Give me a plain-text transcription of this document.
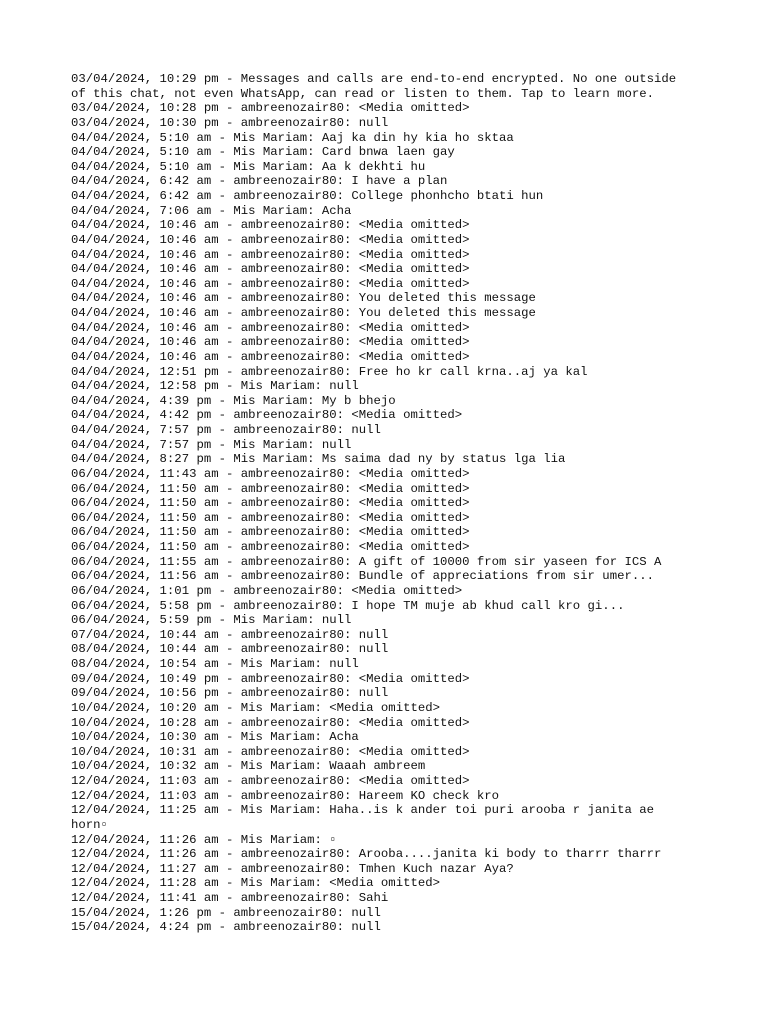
03/04/2024, 10:29 pm - Messages and calls are end-to-end encrypted. No one outside
of this chat, not even WhatsApp, can read or listen to them. Tap to learn more.
03/04/2024, 10:28 pm - ambreenozair80: <Media omitted>
03/04/2024, 10:30 pm - ambreenozair80: null
04/04/2024, 5:10 am - Mis Mariam: Aaj ka din hy kia ho sktaa
04/04/2024, 5:10 am - Mis Mariam: Card bnwa laen gay
04/04/2024, 5:10 am - Mis Mariam: Aa k dekhti hu
04/04/2024, 6:42 am - ambreenozair80: I have a plan
04/04/2024, 6:42 am - ambreenozair80: College phonhcho btati hun
04/04/2024, 7:06 am - Mis Mariam: Acha
04/04/2024, 10:46 am - ambreenozair80: <Media omitted>
04/04/2024, 10:46 am - ambreenozair80: <Media omitted>
04/04/2024, 10:46 am - ambreenozair80: <Media omitted>
04/04/2024, 10:46 am - ambreenozair80: <Media omitted>
04/04/2024, 10:46 am - ambreenozair80: <Media omitted>
04/04/2024, 10:46 am - ambreenozair80: You deleted this message
04/04/2024, 10:46 am - ambreenozair80: You deleted this message
04/04/2024, 10:46 am - ambreenozair80: <Media omitted>
04/04/2024, 10:46 am - ambreenozair80: <Media omitted>
04/04/2024, 10:46 am - ambreenozair80: <Media omitted>
04/04/2024, 12:51 pm - ambreenozair80: Free ho kr call krna..aj ya kal
04/04/2024, 12:58 pm - Mis Mariam: null
04/04/2024, 4:39 pm - Mis Mariam: My b bhejo
04/04/2024, 4:42 pm - ambreenozair80: <Media omitted>
04/04/2024, 7:57 pm - ambreenozair80: null
04/04/2024, 7:57 pm - Mis Mariam: null
04/04/2024, 8:27 pm - Mis Mariam: Ms saima dad ny by status lga lia
06/04/2024, 11:43 am - ambreenozair80: <Media omitted>
06/04/2024, 11:50 am - ambreenozair80: <Media omitted>
06/04/2024, 11:50 am - ambreenozair80: <Media omitted>
06/04/2024, 11:50 am - ambreenozair80: <Media omitted>
06/04/2024, 11:50 am - ambreenozair80: <Media omitted>
06/04/2024, 11:50 am - ambreenozair80: <Media omitted>
06/04/2024, 11:55 am - ambreenozair80: A gift of 10000 from sir yaseen for ICS A
06/04/2024, 11:56 am - ambreenozair80: Bundle of appreciations from sir umer...
06/04/2024, 1:01 pm - ambreenozair80: <Media omitted>
06/04/2024, 5:58 pm - ambreenozair80: I hope TM muje ab khud call kro gi...
06/04/2024, 5:59 pm - Mis Mariam: null
07/04/2024, 10:44 am - ambreenozair80: null
08/04/2024, 10:44 am - ambreenozair80: null
08/04/2024, 10:54 am - Mis Mariam: null
09/04/2024, 10:49 pm - ambreenozair80: <Media omitted>
09/04/2024, 10:56 pm - ambreenozair80: null
10/04/2024, 10:20 am - Mis Mariam: <Media omitted>
10/04/2024, 10:28 am - ambreenozair80: <Media omitted>
10/04/2024, 10:30 am - Mis Mariam: Acha
10/04/2024, 10:31 am - ambreenozair80: <Media omitted>
10/04/2024, 10:32 am - Mis Mariam: Waaah ambreem
12/04/2024, 11:03 am - ambreenozair80: <Media omitted>
12/04/2024, 11:03 am - ambreenozair80: Hareem KO check kro
12/04/2024, 11:25 am - Mis Mariam: Haha..is k ander toi puri arooba r janita ae
horn▫
12/04/2024, 11:26 am - Mis Mariam: ▫
12/04/2024, 11:26 am - ambreenozair80: Arooba....janita ki body to tharrr tharrr
12/04/2024, 11:27 am - ambreenozair80: Tmhen Kuch nazar Aya?
12/04/2024, 11:28 am - Mis Mariam: <Media omitted>
12/04/2024, 11:41 am - ambreenozair80: Sahi
15/04/2024, 1:26 pm - ambreenozair80: null
15/04/2024, 4:24 pm - ambreenozair80: null
